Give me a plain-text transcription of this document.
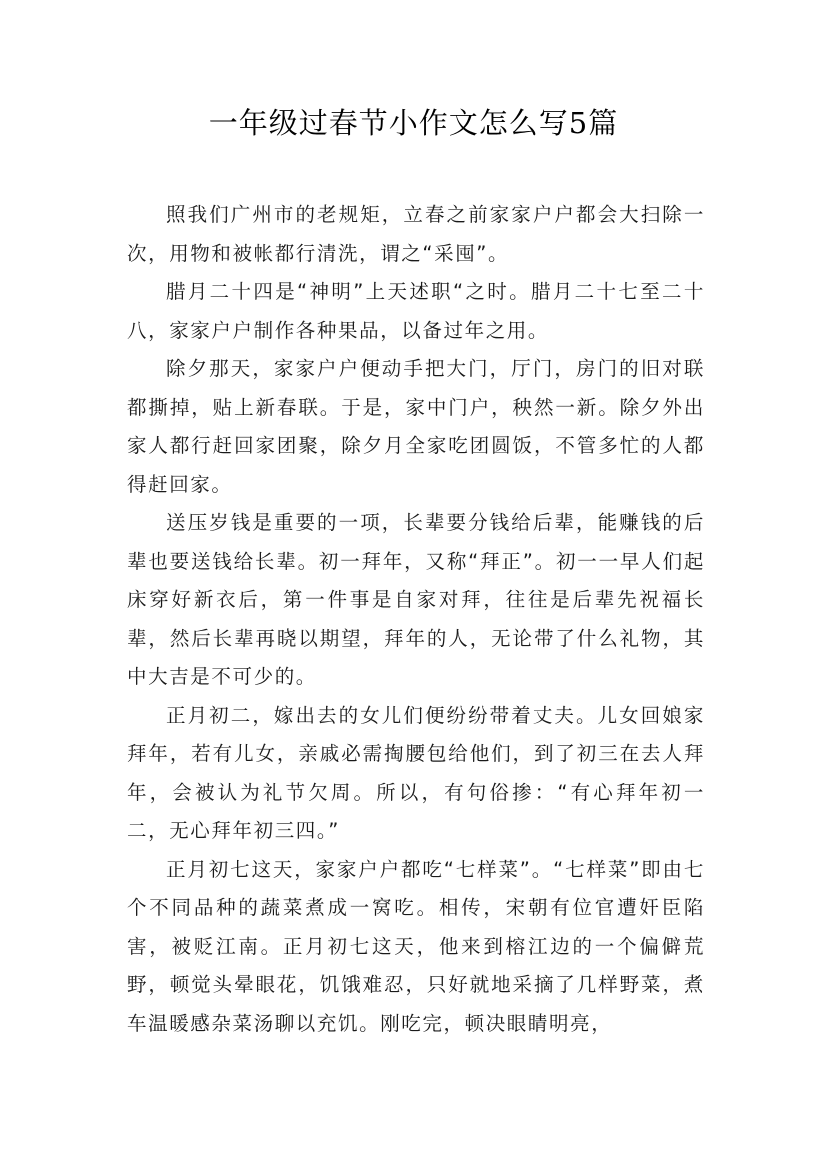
一年级过春节小作文怎么写5篇

照我们广州市的老规矩，立春之前家家户户都会大扫除一次，用物和被帐都行清洗，谓之“采囤”。

腊月二十四是“神明”上天述职“之时。腊月二十七至二十八，家家户户制作各种果品，以备过年之用。

除夕那天，家家户户便动手把大门，厅门，房门的旧对联都撕掉，贴上新春联。于是，家中门户，秧然一新。除夕外出家人都行赶回家团聚，除夕月全家吃团圆饭，不管多忙的人都得赶回家。

送压岁钱是重要的一项，长辈要分钱给后辈，能赚钱的后辈也要送钱给长辈。初一拜年，又称“拜正”。初一一早人们起床穿好新衣后，第一件事是自家对拜，往往是后辈先祝福长辈，然后长辈再晓以期望，拜年的人，无论带了什么礼物，其中大吉是不可少的。

正月初二，嫁出去的女儿们便纷纷带着丈夫。儿女回娘家拜年，若有儿女，亲戚必需掏腰包给他们，到了初三在去人拜年，会被认为礼节欠周。所以，有句俗掺：“有心拜年初一二，无心拜年初三四。”

正月初七这天，家家户户都吃“七样菜”。“七样菜”即由七个不同品种的蔬菜煮成一窝吃。相传，宋朝有位官遭奸臣陷害，被贬江南。正月初七这天，他来到榕江边的一个偏僻荒野，顿觉头晕眼花，饥饿难忍，只好就地采摘了几样野菜，煮车温暖感杂菜汤聊以充饥。刚吃完，顿决眼睛明亮，
